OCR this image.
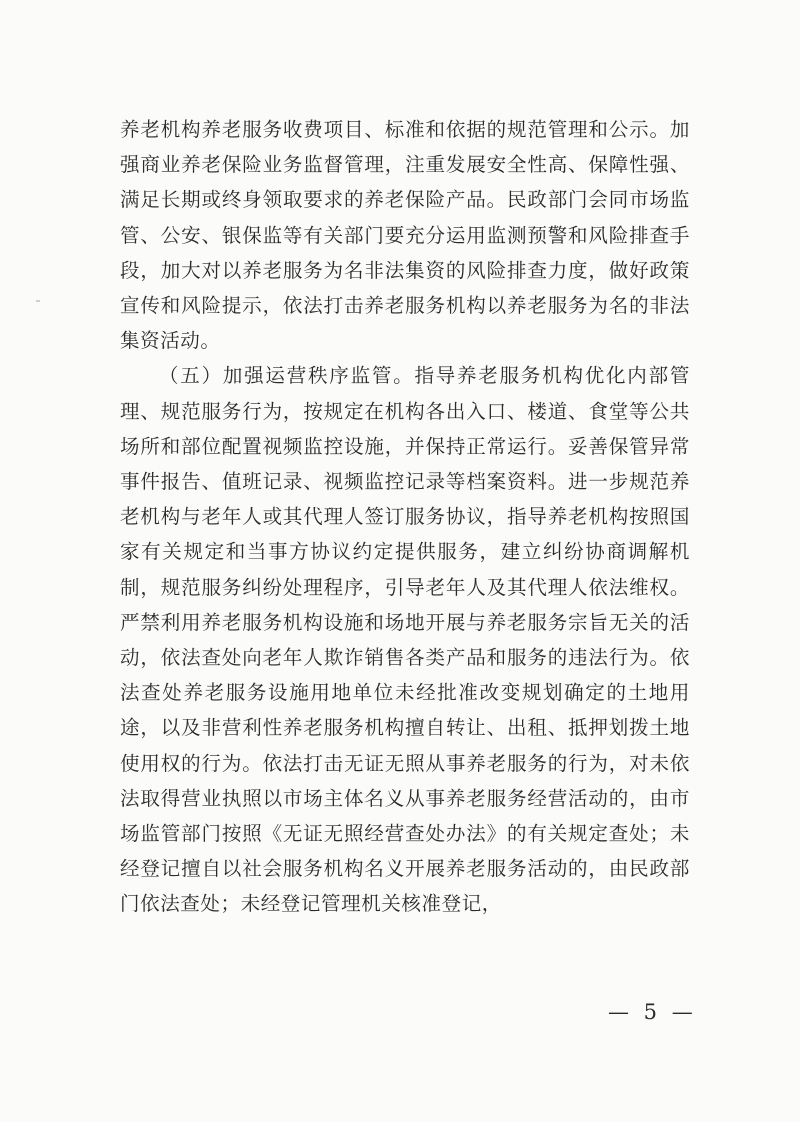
养老机构养老服务收费项目、标准和依据的规范管理和公示。加强商业养老保险业务监督管理，注重发展安全性高、保障性强、满足长期或终身领取要求的养老保险产品。民政部门会同市场监管、公安、银保监等有关部门要充分运用监测预警和风险排查手段，加大对以养老服务为名非法集资的风险排查力度，做好政策宣传和风险提示，依法打击养老服务机构以养老服务为名的非法集资活动。

（五）加强运营秩序监管。指导养老服务机构优化内部管理、规范服务行为，按规定在机构各出入口、楼道、食堂等公共场所和部位配置视频监控设施，并保持正常运行。妥善保管异常事件报告、值班记录、视频监控记录等档案资料。进一步规范养老机构与老年人或其代理人签订服务协议，指导养老机构按照国家有关规定和当事方协议约定提供服务，建立纠纷协商调解机制，规范服务纠纷处理程序，引导老年人及其代理人依法维权。严禁利用养老服务机构设施和场地开展与养老服务宗旨无关的活动，依法查处向老年人欺诈销售各类产品和服务的违法行为。依法查处养老服务设施用地单位未经批准改变规划确定的土地用途，以及非营利性养老服务机构擅自转让、出租、抵押划拨土地使用权的行为。依法打击无证无照从事养老服务的行为，对未依法取得营业执照以市场主体名义从事养老服务经营活动的，由市场监管部门按照《无证无照经营查处办法》的有关规定查处；未经登记擅自以社会服务机构名义开展养老服务活动的，由民政部门依法查处；未经登记管理机关核准登记，

— 5 —
